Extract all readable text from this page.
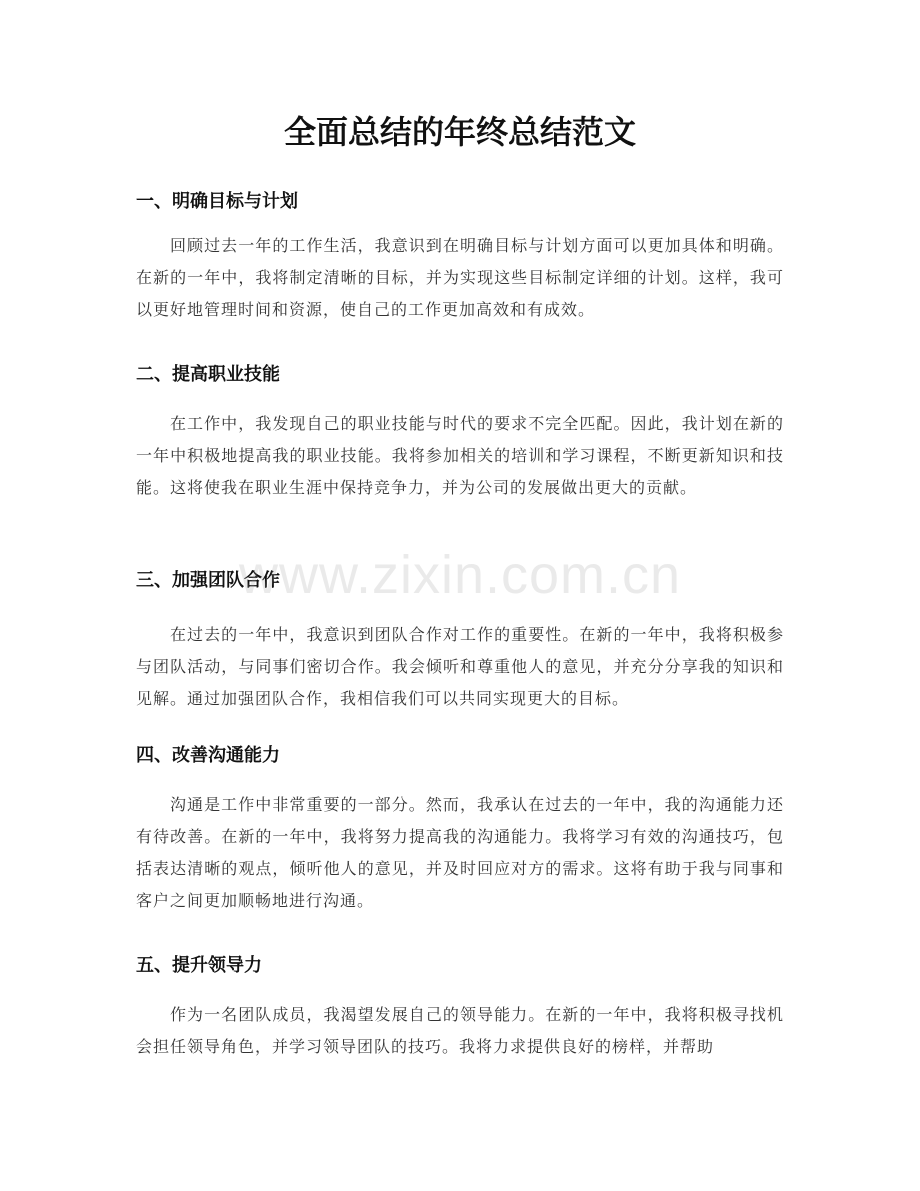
全面总结的年终总结范文
一、明确目标与计划

回顾过去一年的工作生活，我意识到在明确目标与计划方面可以更加具体和明确。在新的一年中，我将制定清晰的目标，并为实现这些目标制定详细的计划。这样，我可以更好地管理时间和资源，使自己的工作更加高效和有成效。

二、提高职业技能

在工作中，我发现自己的职业技能与时代的要求不完全匹配。因此，我计划在新的一年中积极地提高我的职业技能。我将参加相关的培训和学习课程，不断更新知识和技能。这将使我在职业生涯中保持竞争力，并为公司的发展做出更大的贡献。

三、加强团队合作

在过去的一年中，我意识到团队合作对工作的重要性。在新的一年中，我将积极参与团队活动，与同事们密切合作。我会倾听和尊重他人的意见，并充分分享我的知识和见解。通过加强团队合作，我相信我们可以共同实现更大的目标。

四、改善沟通能力

沟通是工作中非常重要的一部分。然而，我承认在过去的一年中，我的沟通能力还有待改善。在新的一年中，我将努力提高我的沟通能力。我将学习有效的沟通技巧，包括表达清晰的观点，倾听他人的意见，并及时回应对方的需求。这将有助于我与同事和客户之间更加顺畅地进行沟通。

五、提升领导力

作为一名团队成员，我渴望发展自己的领导能力。在新的一年中，我将积极寻找机会担任领导角色，并学习领导团队的技巧。我将力求提供良好的榜样，并帮助

www.zixin.com.cn
